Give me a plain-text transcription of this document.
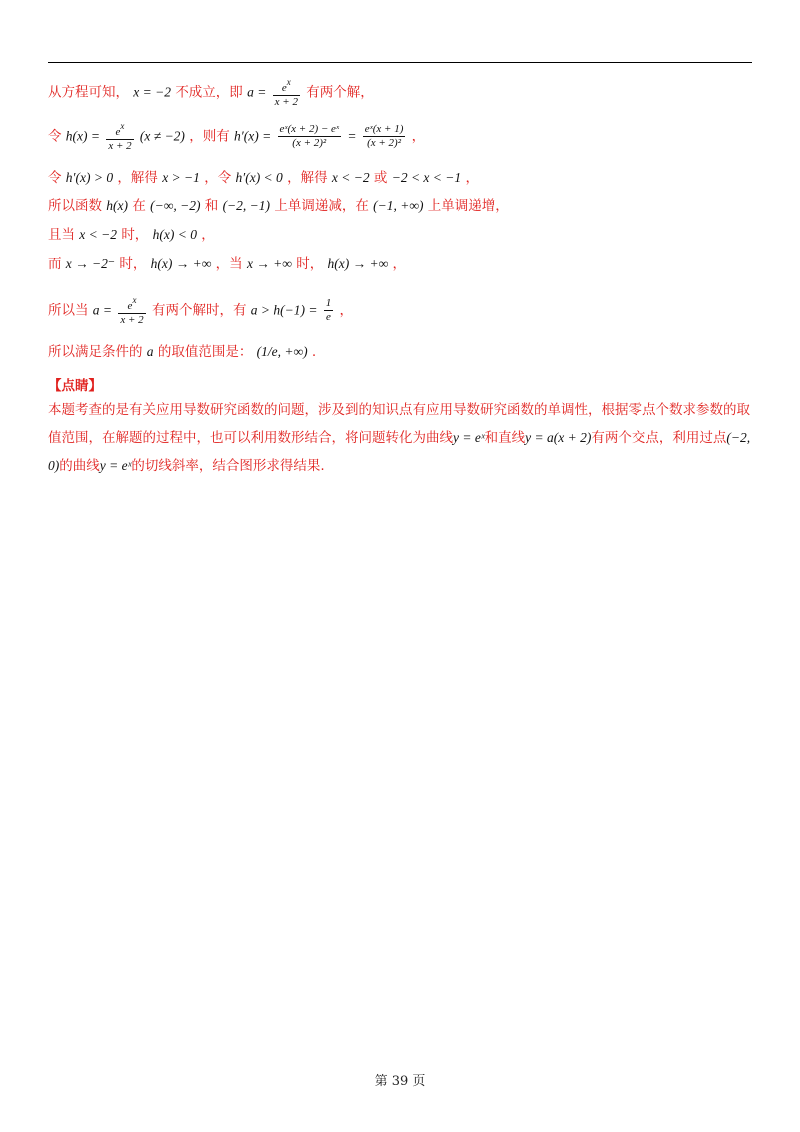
从方程可知， x = −2 不成立，即 $a = \frac{e^x}{x + 2}$ 有两个解，
令 $h(x) = \frac{e^x}{x + 2} (x \ne -2)$ ，则有 $h'(x) = \frac{\text{eˣ(x + 2) − eˣ}}{\text{(x + 2)²}} = \frac{\text{eˣ(x + 1)}}{\text{(x + 2)²}}$ ，
令 h′(x) > 0 ，解得 x > −1 ，令 h′(x) < 0 ，解得 x < −2 或 −2 < x < −1 ，
所以函数 h(x) 在 (−∞, −2) 和 (−2, −1) 上单调递减，在 (−1, +∞) 上单调递增，
且当 x < −2 时， h(x) < 0 ，
而 x → −2⁻ 时， h(x) → +∞ ，当 x → +∞ 时， h(x) → +∞ ，
所以当 $a = \frac{e^x}{x + 2}$ 有两个解时，有 $a > h(-1) = \frac{1}{e}$ ，
所以满足条件的 a 的取值范围是： (1/e, +∞) .
【点睛】
本题考查的是有关应用导数研究函数的问题，涉及到的知识点有应用导数研究函数的单调性，根据零点个数求参数的取值范围，在解题的过程中，也可以利用数形结合，将问题转化为曲线y = eˣ和直线y = a(x + 2)有两个交点，利用过点(−2, 0)的曲线y = eˣ的切线斜率，结合图形求得结果.
第 39 页
